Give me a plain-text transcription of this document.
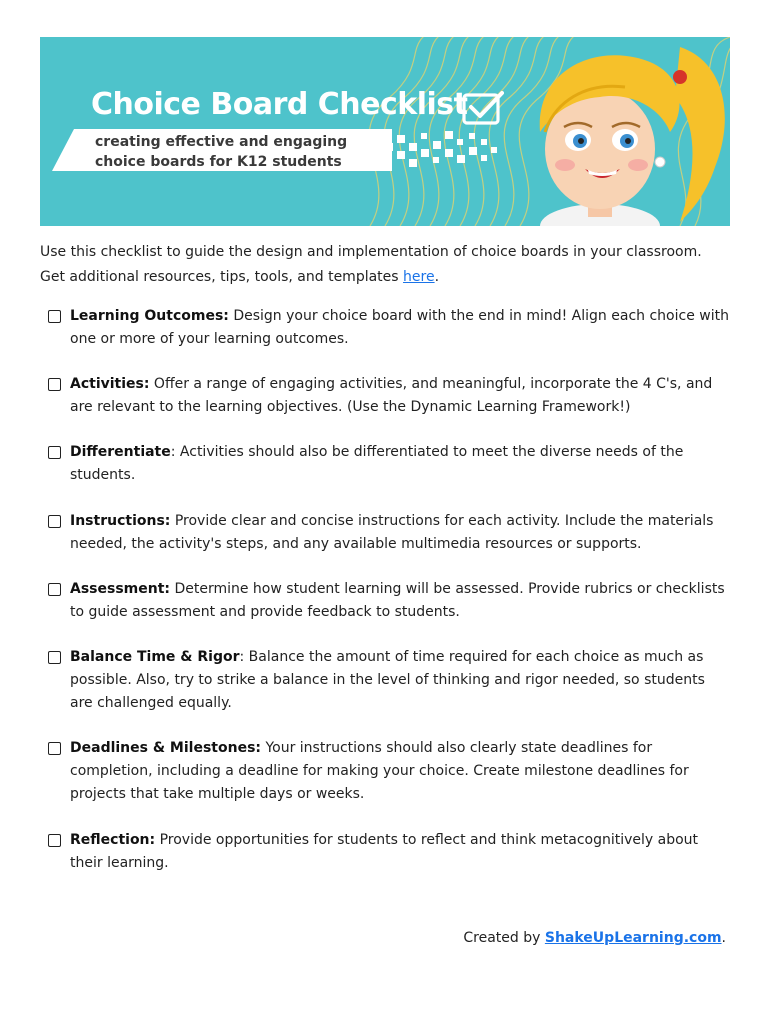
Choice Board Checklist

creating effective and engaging
choice boards for K12 students

Use this checklist to guide the design and implementation of choice boards in your classroom. Get additional resources, tips, tools, and templates here.

Learning Outcomes: Design your choice board with the end in mind! Align each choice with one or more of your learning outcomes.

Activities: Offer a range of engaging activities, and meaningful, incorporate the 4 C's, and are relevant to the learning objectives. (Use the Dynamic Learning Framework!)

Differentiate: Activities should also be differentiated to meet the diverse needs of the students.

Instructions: Provide clear and concise instructions for each activity. Include the materials needed, the activity's steps, and any available multimedia resources or supports.

Assessment: Determine how student learning will be assessed. Provide rubrics or checklists to guide assessment and provide feedback to students.

Balance Time & Rigor: Balance the amount of time required for each choice as much as possible. Also, try to strike a balance in the level of thinking and rigor needed, so students are challenged equally.

Deadlines & Milestones: Your instructions should also clearly state deadlines for completion, including a deadline for making your choice. Create milestone deadlines for projects that take multiple days or weeks.

Reflection: Provide opportunities for students to reflect and think metacognitively about their learning.

Created by ShakeUpLearning.com.
